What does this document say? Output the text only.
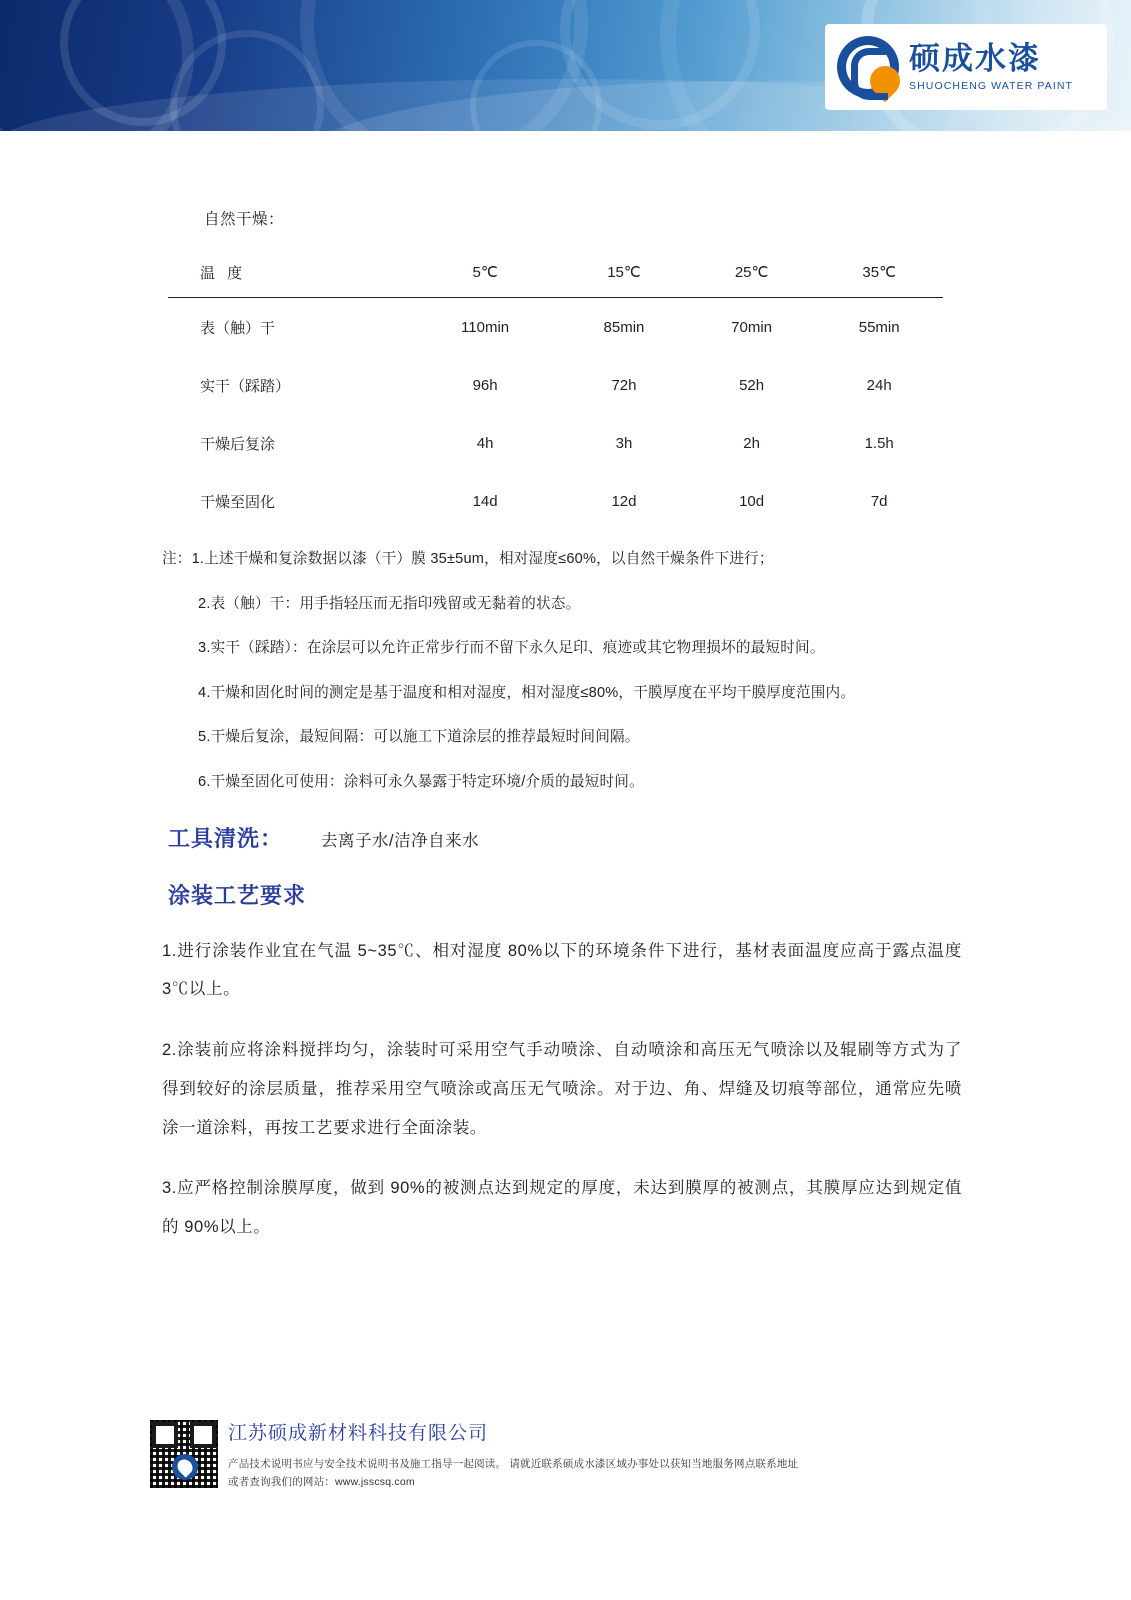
硕成水漆
SHUOCHENG WATER PAINT
自然干燥：
温 度	5℃	15℃	25℃	35℃
表（触）干	110min	85min	70min	55min
实干（踩踏）	96h	72h	52h	24h
干燥后复涂	4h	3h	2h	1.5h
干燥至固化	14d	12d	10d	7d
注：1.上述干燥和复涂数据以漆（干）膜 35±5um，相对湿度≤60%，以自然干燥条件下进行；
2.表（触）干：用手指轻压而无指印残留或无黏着的状态。
3.实干（踩踏）：在涂层可以允许正常步行而不留下永久足印、痕迹或其它物理损坏的最短时间。
4.干燥和固化时间的测定是基于温度和相对湿度，相对湿度≤80%，干膜厚度在平均干膜厚度范围内。
5.干燥后复涂，最短间隔：可以施工下道涂层的推荐最短时间间隔。
6.干燥至固化可使用：涂料可永久暴露于特定环境/介质的最短时间。
工具清洗： 去离子水/洁净自来水
涂装工艺要求
1.进行涂装作业宜在气温 5~35℃、相对湿度 80%以下的环境条件下进行，基材表面温度应高于露点温度 3℃以上。
2.涂装前应将涂料搅拌均匀，涂装时可采用空气手动喷涂、自动喷涂和高压无气喷涂以及辊刷等方式为了得到较好的涂层质量，推荐采用空气喷涂或高压无气喷涂。对于边、角、焊缝及切痕等部位，通常应先喷涂一道涂料，再按工艺要求进行全面涂装。
3.应严格控制涂膜厚度，做到 90%的被测点达到规定的厚度，未达到膜厚的被测点，其膜厚应达到规定值的 90%以上。
江苏硕成新材料科技有限公司
产品技术说明书应与安全技术说明书及施工指导一起阅读。 请就近联系硕成水漆区域办事处以获知当地服务网点联系地址
或者查询我们的网站：www.jsscsq.com
